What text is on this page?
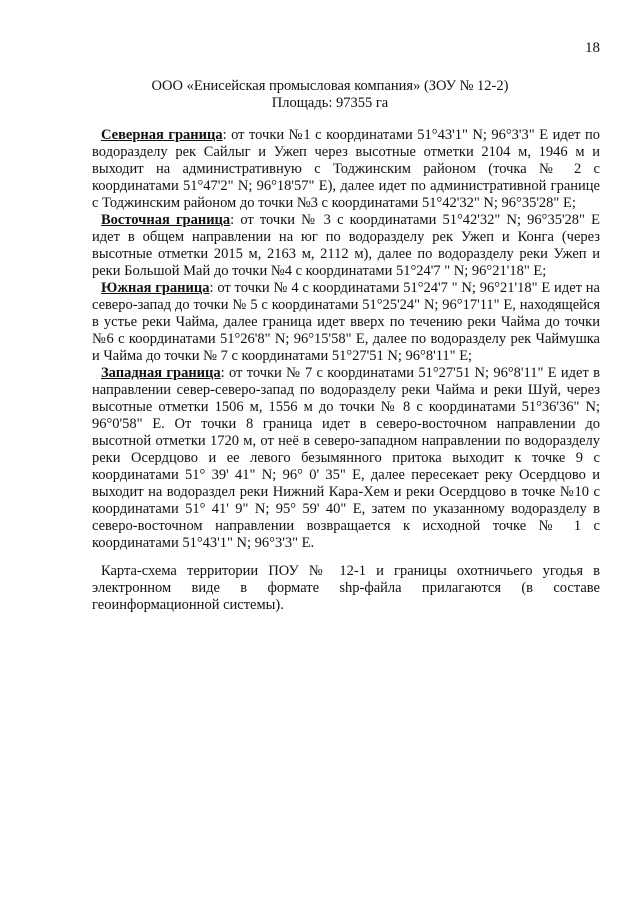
18
ООО «Енисейская промысловая компания» (ЗОУ № 12-2)
Площадь: 97355 га

Северная граница: от точки №1 с координатами 51°43'1" N; 96°3'3" E идет по водоразделу рек Сайлыг и Ужеп через высотные отметки 2104 м, 1946 м и выходит на административную с Тоджинским районом (точка № 2 с координатами 51°47'2" N; 96°18'57" E), далее идет по административной границе с Тоджинским районом до точки №3 с координатами 51°42'32" N; 96°35'28" E;

Восточная граница: от точки № 3 с координатами 51°42'32" N; 96°35'28" E идет в общем направлении на юг по водоразделу рек Ужеп и Конга (через высотные отметки 2015 м, 2163 м, 2112 м), далее по водоразделу реки Ужеп и реки Большой Май до точки №4 с координатами 51°24'7 " N; 96°21'18" E;

Южная граница: от точки № 4 с координатами 51°24'7 " N; 96°21'18" E идет на северо-запад до точки № 5 с координатами 51°25'24" N; 96°17'11" E, находящейся в устье реки Чайма, далее граница идет вверх по течению реки Чайма до точки №6 с координатами 51°26'8" N; 96°15'58" E, далее по водоразделу рек Чаймушка и Чайма до точки № 7 с координатами 51°27'51 N; 96°8'11" E;

Западная граница: от точки № 7 с координатами 51°27'51 N; 96°8'11" E идет в направлении север-северо-запад по водоразделу реки Чайма и реки Шуй, через высотные отметки 1506 м, 1556 м до точки № 8 с координатами 51°36'36" N; 96°0'58" E. От точки 8 граница идет в северо-восточном направлении до высотной отметки 1720 м, от неё в северо-западном направлении по водоразделу реки Осердцово и ее левого безымянного притока выходит к точке 9 с координатами 51° 39' 41" N; 96° 0' 35" E, далее пересекает реку Осердцово и выходит на водораздел реки Нижний Кара-Хем и реки Осердцово в точке №10 с координатами 51° 41' 9" N; 95° 59' 40" E, затем по указанному водоразделу в северо-восточном направлении возвращается к исходной точке № 1 с координатами 51°43'1" N; 96°3'3" E.

Карта-схема территории ПОУ № 12-1 и границы охотничьего угодья в электронном виде в формате shp-файла прилагаются (в составе геоинформационной системы).
